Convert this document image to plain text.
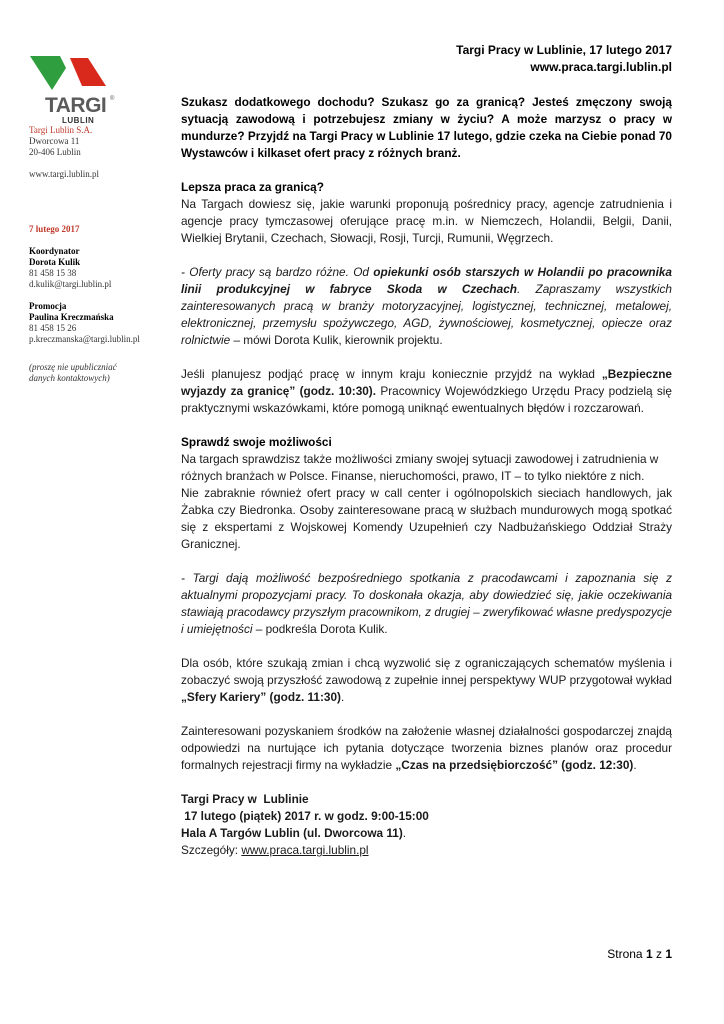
Targi Pracy w Lublinie, 17 lutego 2017
www.praca.targi.lublin.pl
TARGI ®
LUBLIN

Targi Lublin S.A.

Dworcowa 11

20-406 Lublin

www.targi.lublin.pl

7 lutego 2017

Koordynator

Dorota Kulik

81 458 15 38

d.kulik@targi.lublin.pl

Promocja

Paulina Kreczmańska

81 458 15 26

p.kreczmanska@targi.lublin.pl

(proszę nie upubliczniać

danych kontaktowych)

Szukasz dodatkowego dochodu? Szukasz go za granicą? Jesteś zmęczony swoją sytuacją zawodową i potrzebujesz zmiany w życiu? A może marzysz o pracy w mundurze? Przyjdź na Targi Pracy w Lublinie 17 lutego, gdzie czeka na Ciebie ponad 70 Wystawców i kilkaset ofert pracy z różnych branż.

Lepsza praca za granicą?

Na Targach dowiesz się, jakie warunki proponują pośrednicy pracy, agencje zatrudnienia i agencje pracy tymczasowej oferujące pracę m.in. w Niemczech, Holandii, Belgii, Danii, Wielkiej Brytanii, Czechach, Słowacji, Rosji, Turcji, Rumunii, Węgrzech.

- Oferty pracy są bardzo różne. Od opiekunki osób starszych w Holandii po pracownika linii produkcyjnej w fabryce Skoda w Czechach. Zapraszamy wszystkich zainteresowanych pracą w branży motoryzacyjnej, logistycznej, technicznej, metalowej, elektronicznej, przemysłu spożywczego, AGD, żywnościowej, kosmetycznej, opiecze oraz rolnictwie – mówi Dorota Kulik, kierownik projektu.

Jeśli planujesz podjąć pracę w innym kraju koniecznie przyjdź na wykład „Bezpieczne wyjazdy za granicę” (godz. 10:30). Pracownicy Wojewódzkiego Urzędu Pracy podzielą się praktycznymi wskazówkami, które pomogą uniknąć ewentualnych błędów i rozczarowań.

Sprawdź swoje możliwości

Na targach sprawdzisz także możliwości zmiany swojej sytuacji zawodowej i zatrudnienia w różnych branżach w Polsce. Finanse, nieruchomości, prawo, IT – to tylko niektóre z nich.

Nie zabraknie również ofert pracy w call center i ogólnopolskich sieciach handlowych, jak Żabka czy Biedronka. Osoby zainteresowane pracą w służbach mundurowych mogą spotkać się z ekspertami z Wojskowej Komendy Uzupełnień czy Nadbużańskiego Oddział Straży Granicznej.

- Targi dają możliwość bezpośredniego spotkania z pracodawcami i zapoznania się z aktualnymi propozycjami pracy. To doskonała okazja, aby dowiedzieć się, jakie oczekiwania stawiają pracodawcy przyszłym pracownikom, z drugiej – zweryfikować własne predyspozycje i umiejętności – podkreśla Dorota Kulik.

Dla osób, które szukają zmian i chcą wyzwolić się z ograniczających schematów myślenia i zobaczyć swoją przyszłość zawodową z zupełnie innej perspektywy WUP przygotował wykład „Sfery Kariery” (godz. 11:30).

Zainteresowani pozyskaniem środków na założenie własnej działalności gospodarczej znajdą odpowiedzi na nurtujące ich pytania dotyczące tworzenia biznes planów oraz procedur formalnych rejestracji firmy na wykładzie „Czas na przedsiębiorczość” (godz. 12:30).

Targi Pracy w  Lublinie

17 lutego (piątek) 2017 r. w godz. 9:00-15:00

Hala A Targów Lublin (ul. Dworcowa 11).

Szczegóły: www.praca.targi.lublin.pl

Strona 1 z 1
